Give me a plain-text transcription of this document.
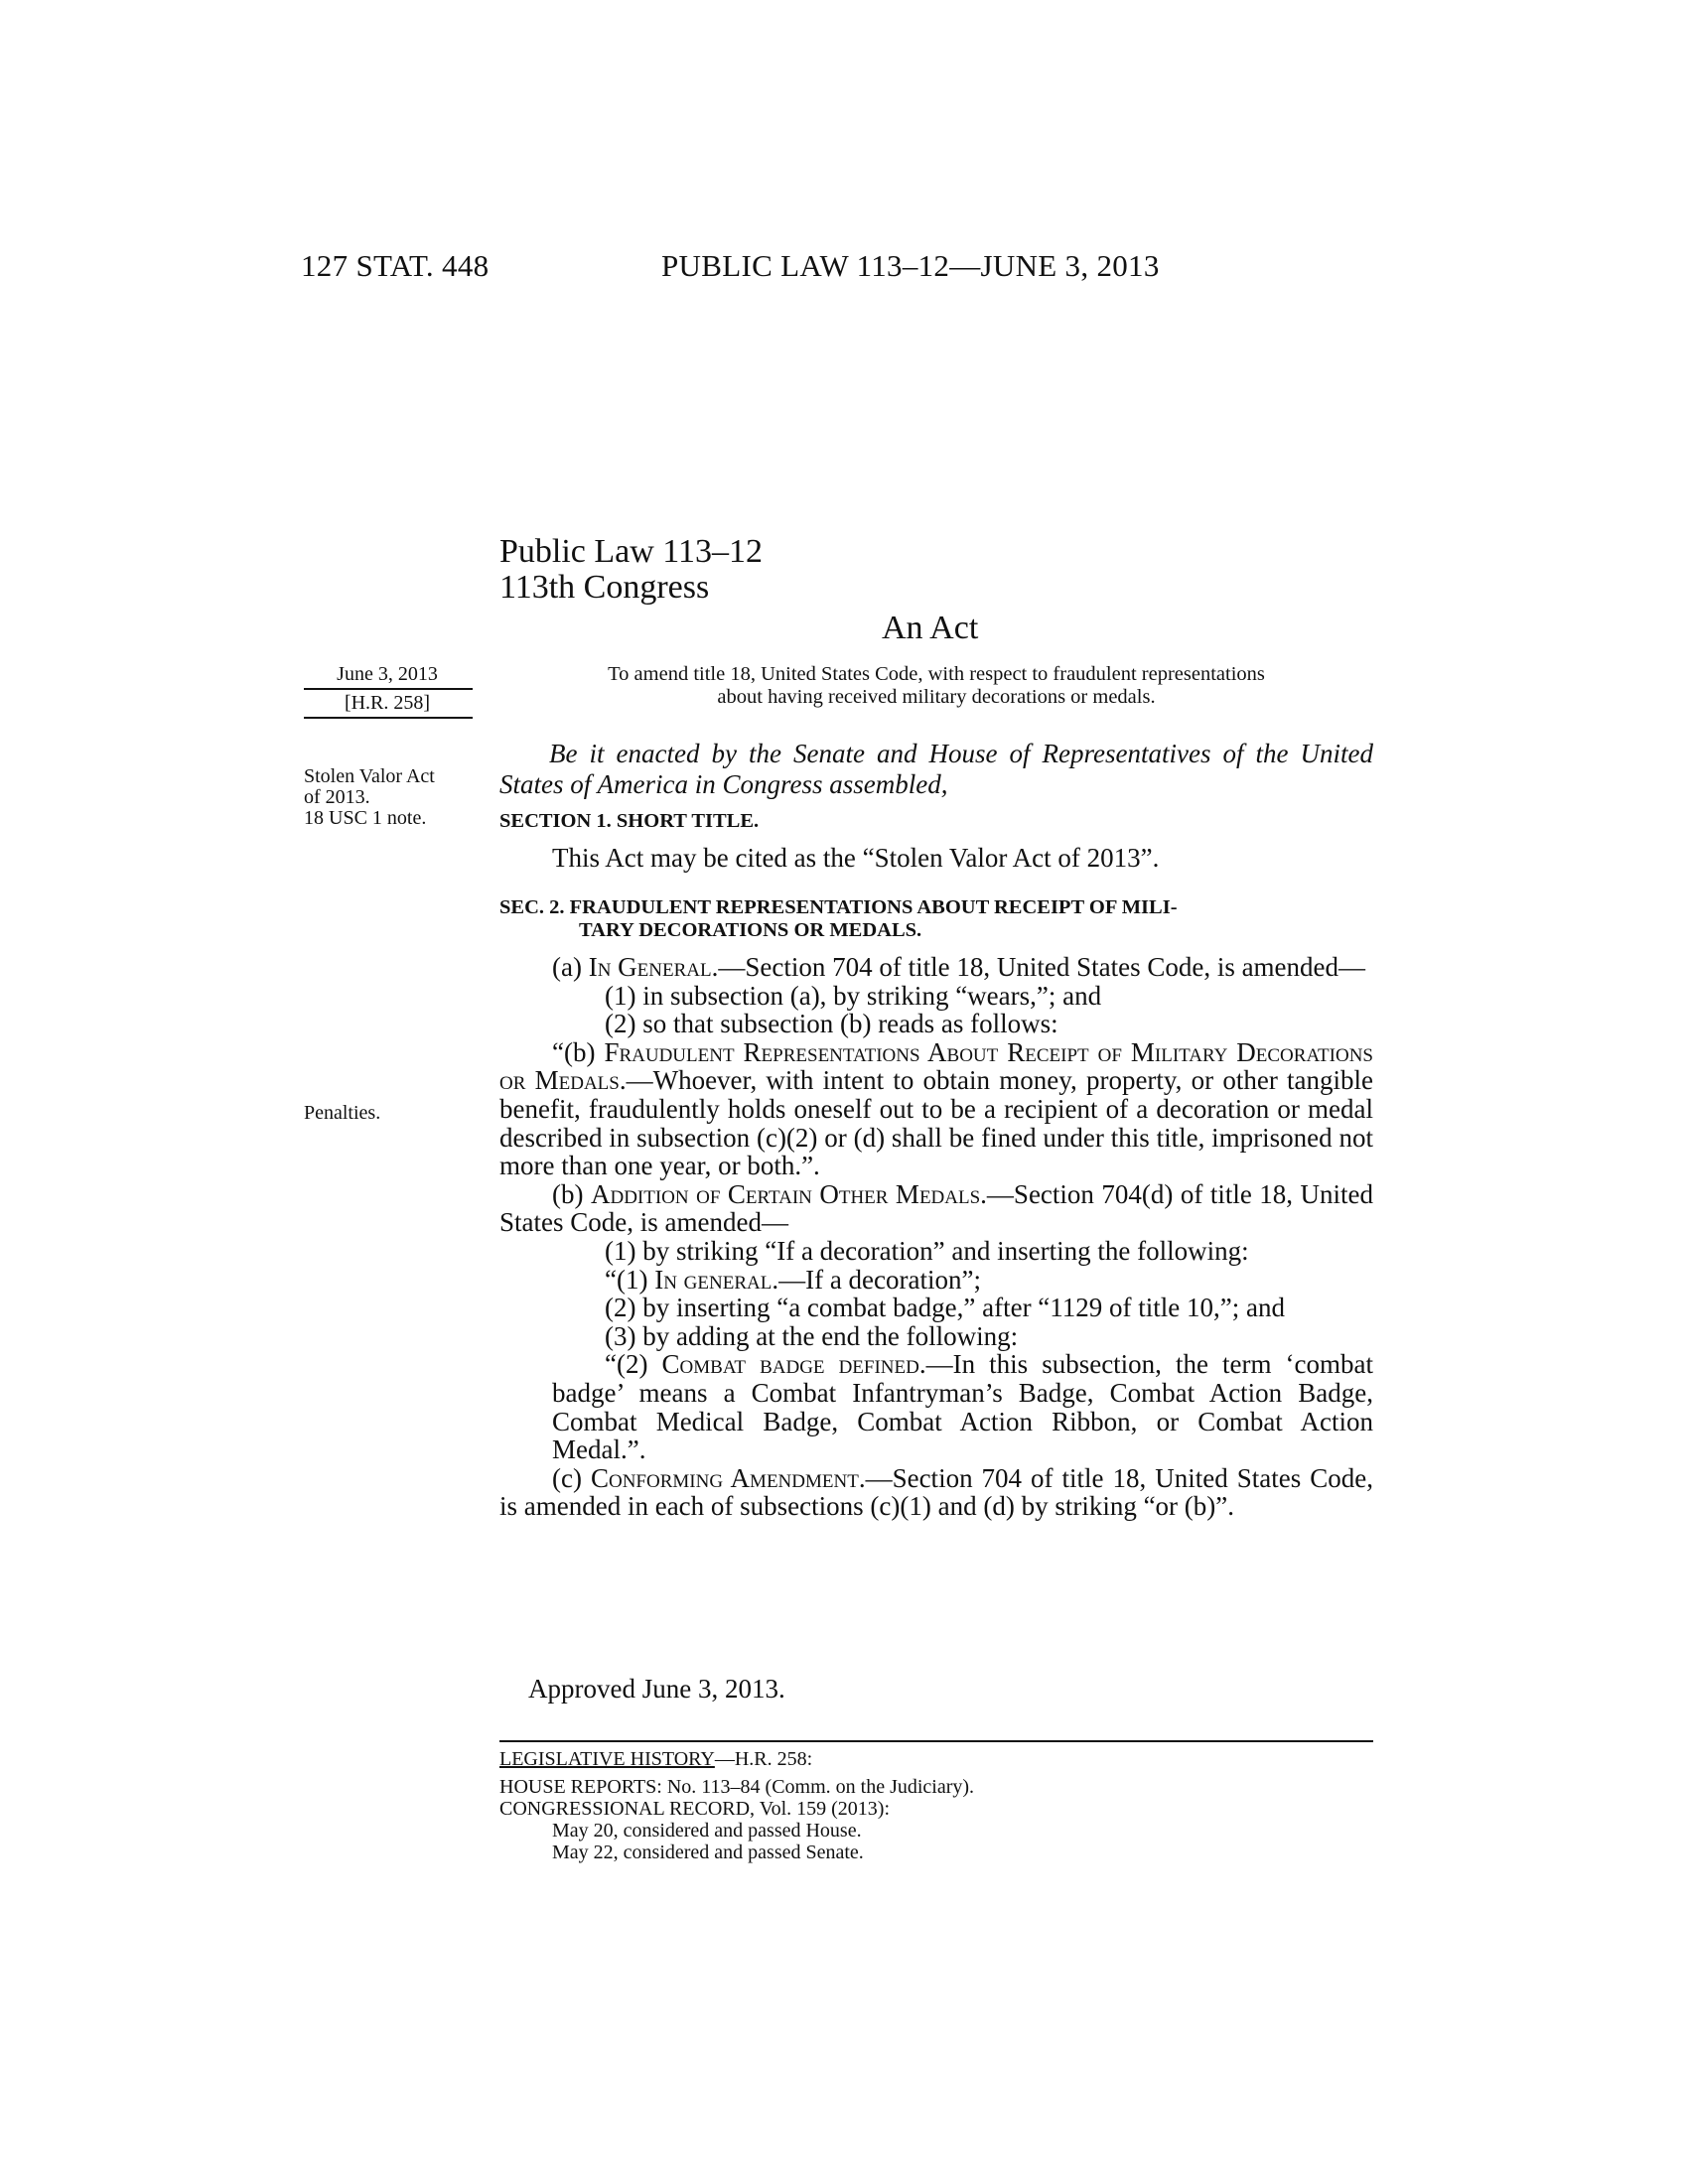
127 STAT. 448	PUBLIC LAW 113–12—JUNE 3, 2013
Public Law 113–12
113th Congress
An Act
June 3, 2013
[H.R. 258]
Stolen Valor Act
of 2013.
18 USC 1 note.
Penalties.
To amend title 18, United States Code, with respect to fraudulent representations
about having received military decorations or medals.
Be it enacted by the Senate and House of Representatives of the United States of America in Congress assembled,
SECTION 1. SHORT TITLE.

This Act may be cited as the “Stolen Valor Act of 2013”.

SEC. 2. FRAUDULENT REPRESENTATIONS ABOUT RECEIPT OF MILI-
TARY DECORATIONS OR MEDALS.

(a) In General.—Section 704 of title 18, United States Code, is amended—

(1) in subsection (a), by striking “wears,”; and

(2) so that subsection (b) reads as follows:

“(b) Fraudulent Representations About Receipt of Military Decorations or Medals.—Whoever, with intent to obtain money, property, or other tangible benefit, fraudulently holds oneself out to be a recipient of a decoration or medal described in subsection (c)(2) or (d) shall be fined under this title, imprisoned not more than one year, or both.”.

(b) Addition of Certain Other Medals.—Section 704(d) of title 18, United States Code, is amended—

(1) by striking “If a decoration” and inserting the following:

“(1) In general.—If a decoration”;

(2) by inserting “a combat badge,” after “1129 of title 10,”; and

(3) by adding at the end the following:

“(2) Combat badge defined.—In this subsection, the term ‘combat badge’ means a Combat Infantryman’s Badge, Combat Action Badge, Combat Medical Badge, Combat Action Ribbon, or Combat Action Medal.”.

(c) Conforming Amendment.—Section 704 of title 18, United States Code, is amended in each of subsections (c)(1) and (d) by striking “or (b)”.

Approved June 3, 2013.
LEGISLATIVE HISTORY—H.R. 258:
HOUSE REPORTS: No. 113–84 (Comm. on the Judiciary).
CONGRESSIONAL RECORD, Vol. 159 (2013):
May 20, considered and passed House.
May 22, considered and passed Senate.
